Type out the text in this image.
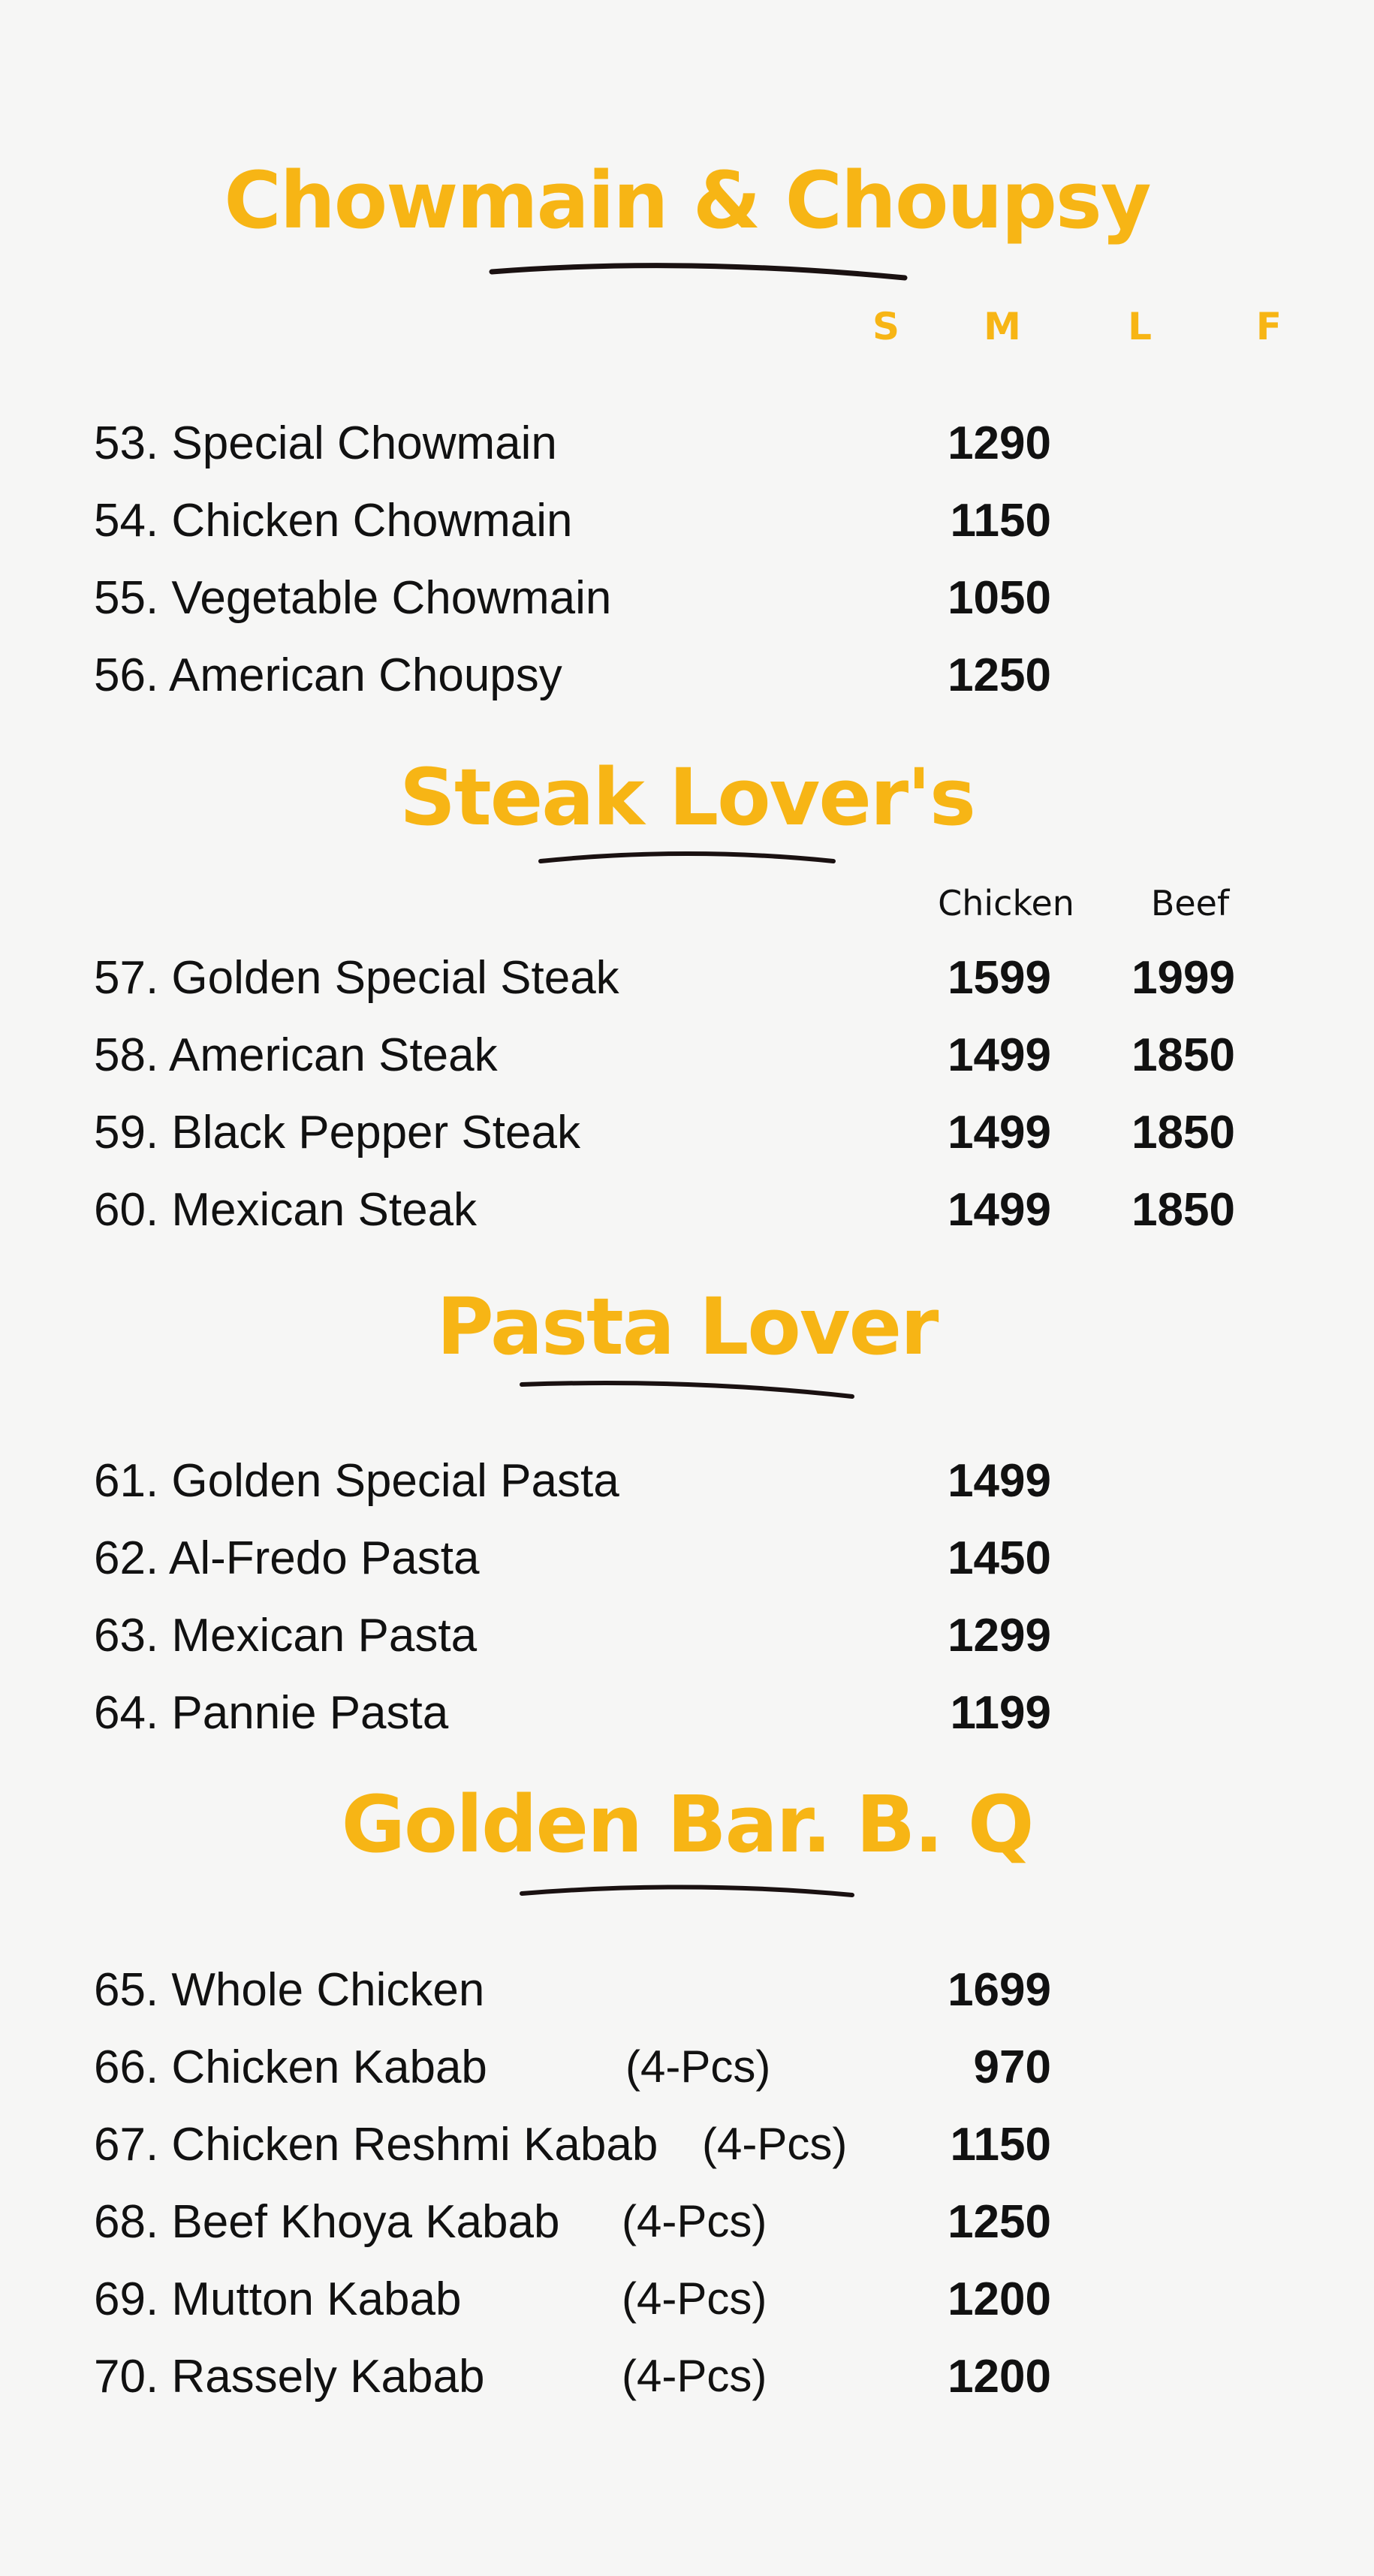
Chowmain & Choupsy
S M	L	F
53. Special Chowmain	1290
54. Chicken Chowmain	1150
55. Vegetable Chowmain	1050
56. American Choupsy	1250
Steak Lover's
Chicken	Beef
57. Golden Special Steak	1599	1999
58. American Steak	1499	1850
59. Black Pepper Steak	1499	1850
60. Mexican Steak	1499	1850
Pasta Lover
61. Golden Special Pasta	1499
62. Al-Fredo Pasta	1450
63. Mexican Pasta	1299
64. Pannie Pasta	1199
Golden Bar. B. Q
65. Whole Chicken	1699
66. Chicken Kabab	(4-Pcs)	970
67. Chicken Reshmi Kabab (4-Pcs)	1150
68. Beef Khoya Kabab (4-Pcs)	1250
69. Mutton Kabab	(4-Pcs)	1200
70. Rassely Kabab	(4-Pcs)	1200
